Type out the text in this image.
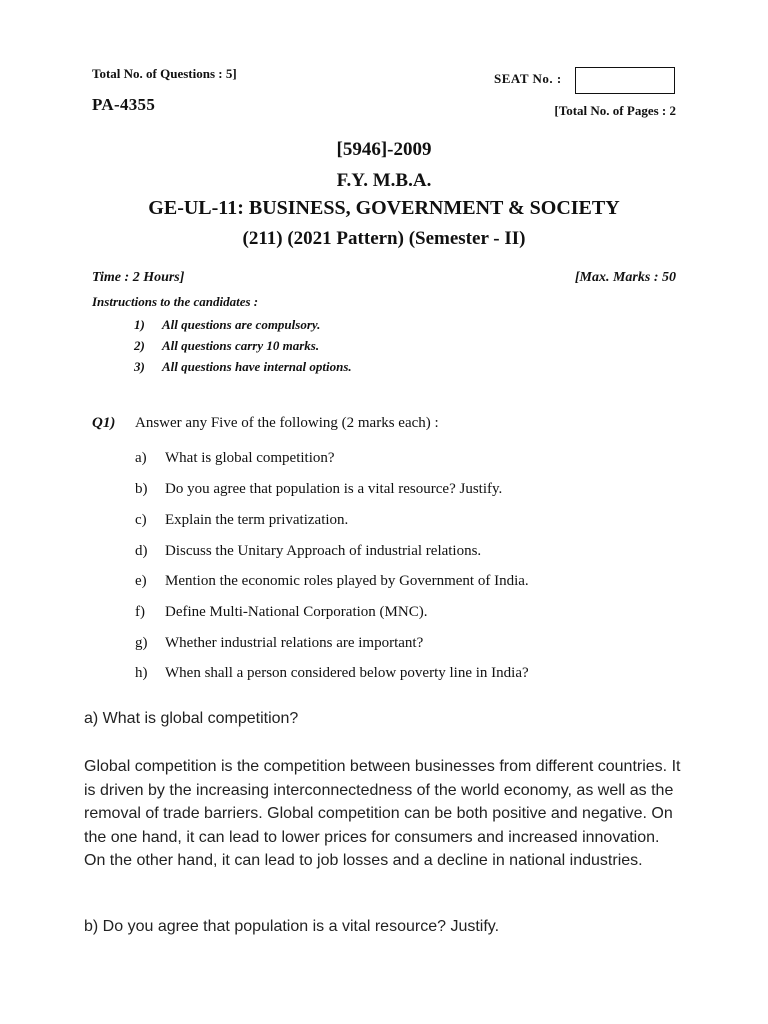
Total No. of Questions : 5]
PA-4355
SEAT No. :
[Total No. of Pages : 2
[5946]-2009
F.Y. M.B.A.
GE-UL-11: BUSINESS, GOVERNMENT & SOCIETY
(211) (2021 Pattern) (Semester - II)
Time : 2 Hours]	[Max. Marks : 50
Instructions to the candidates :
1) All questions are compulsory.
2) All questions carry 10 marks.
3) All questions have internal options.
Q1) Answer any Five of the following (2 marks each) :
a) What is global competition?
b) Do you agree that population is a vital resource? Justify.
c) Explain the term privatization.
d) Discuss the Unitary Approach of industrial relations.
e) Mention the economic roles played by Government of India.
f) Define Multi-National Corporation (MNC).
g) Whether industrial relations are important?
h) When shall a person considered below poverty line in India?
a) What is global competition?
Global competition is the competition between businesses from different countries. It is driven by the increasing interconnectedness of the world economy, as well as the removal of trade barriers. Global competition can be both positive and negative. On the one hand, it can lead to lower prices for consumers and increased innovation. On the other hand, it can lead to job losses and a decline in national industries.
b) Do you agree that population is a vital resource? Justify.
